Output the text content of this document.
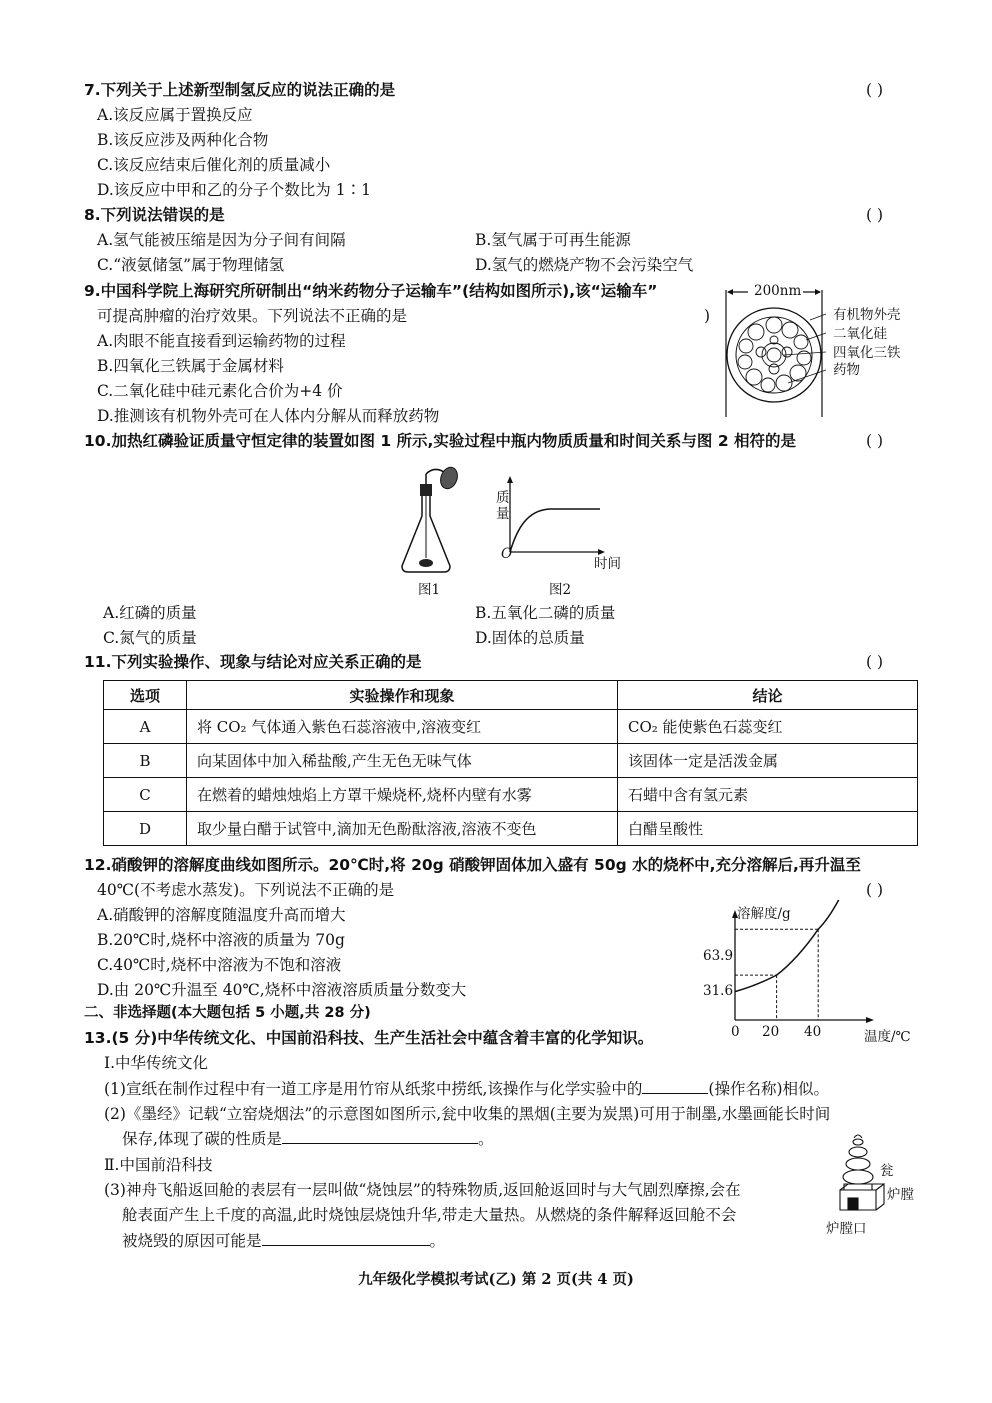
7.下列关于上述新型制氢反应的说法正确的是	( )
A.该反应属于置换反应
B.该反应涉及两种化合物
C.该反应结束后催化剂的质量减小
D.该反应中甲和乙的分子个数比为 1∶1
8.下列说法错误的是	( )
A.氢气能被压缩是因为分子间有间隔	B.氢气属于可再生能源
C.“液氨储氢”属于物理储氢	D.氢气的燃烧产物不会污染空气
9.中国科学院上海研究所研制出“纳米药物分子运输车”(结构如图所示),该“运输车”
可提高肿瘤的治疗效果。下列说法不正确的是	)
A.肉眼不能直接看到运输药物的过程
B.四氧化三铁属于金属材料
C.二氧化硅中硅元素化合价为+4 价
D.推测该有机物外壳可在人体内分解从而释放药物
200nm
有机物外壳
二氧化硅
四氧化三铁
药物
10.加热红磷验证质量守恒定律的装置如图 1 所示,实验过程中瓶内物质质量和时间关系与图 2 相符的是	( )
图1
质量
O
时间
图2
A.红磷的质量	B.五氧化二磷的质量
C.氮气的质量	D.固体的总质量
11.下列实验操作、现象与结论对应关系正确的是	( )
选项	实验操作和现象	结论
A	将 CO₂ 气体通入紫色石蕊溶液中,溶液变红	CO₂ 能使紫色石蕊变红
B	向某固体中加入稀盐酸,产生无色无味气体	该固体一定是活泼金属
C	在燃着的蜡烛烛焰上方罩干燥烧杯,烧杯内壁有水雾	石蜡中含有氢元素
D	取少量白醋于试管中,滴加无色酚酞溶液,溶液不变色	白醋呈酸性
12.硝酸钾的溶解度曲线如图所示。20℃时,将 20g 硝酸钾固体加入盛有 50g 水的烧杯中,充分溶解后,再升温至
40℃(不考虑水蒸发)。下列说法不正确的是	( )
A.硝酸钾的溶解度随温度升高而增大
B.20℃时,烧杯中溶液的质量为 70g
C.40℃时,烧杯中溶液为不饱和溶液
D.由 20℃升温至 40℃,烧杯中溶液溶质质量分数变大
溶解度/g
温度/℃
63.9
31.6
0 20 40
二、非选择题(本大题包括 5 小题,共 28 分)
13.(5 分)中华传统文化、中国前沿科技、生产生活社会中蕴含着丰富的化学知识。
Ⅰ.中华传统文化
(1)宣纸在制作过程中有一道工序是用竹帘从纸浆中捞纸,该操作与化学实验中的	(操作名称)相似。
(2)《墨经》记载“立窑烧烟法”的示意图如图所示,瓮中收集的黑烟(主要为炭黑)可用于制墨,水墨画能长时间
保存,体现了碳的性质是	。
Ⅱ.中国前沿科技
(3)神舟飞船返回舱的表层有一层叫做“烧蚀层”的特殊物质,返回舱返回时与大气剧烈摩擦,会在
舱表面产生上千度的高温,此时烧蚀层烧蚀升华,带走大量热。从燃烧的条件解释返回舱不会
被烧毁的原因可能是	。
瓮
炉膛
炉膛口
九年级化学模拟考试(乙) 第 2 页(共 4 页)
